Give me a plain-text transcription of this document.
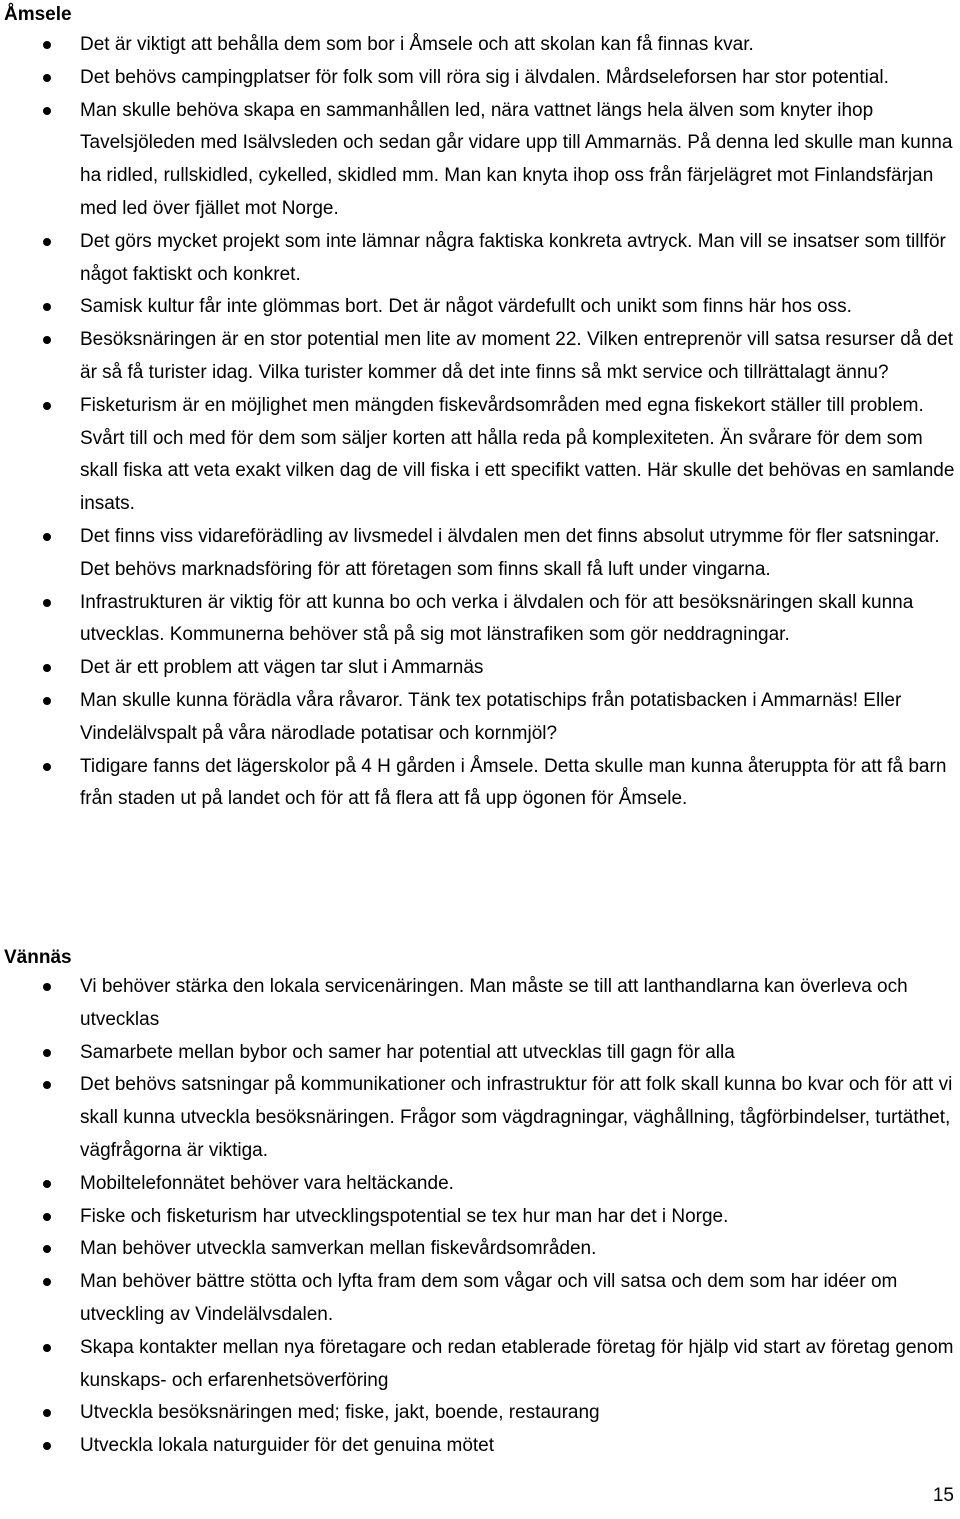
Åmsele
Det är viktigt att behålla dem som bor i Åmsele och att skolan kan få finnas kvar.
Det behövs campingplatser för folk som vill röra sig i älvdalen. Mårdseleforsen har stor potential.
Man skulle behöva skapa en sammanhållen led, nära vattnet längs hela älven som knyter ihop Tavelsjöleden med Isälvsleden och sedan går vidare upp till Ammarnäs. På denna led skulle man kunna ha ridled, rullskidled, cykelled, skidled mm. Man kan knyta ihop oss från färjelägret mot Finlandsfärjan med led över fjället mot Norge.
Det görs mycket projekt som inte lämnar några faktiska konkreta avtryck. Man vill se insatser som tillför något faktiskt och konkret.
Samisk kultur får inte glömmas bort. Det är något värdefullt och unikt som finns här hos oss.
Besöksnäringen är en stor potential men lite av moment 22. Vilken entreprenör vill satsa resurser då det är så få turister idag. Vilka turister kommer då det inte finns så mkt service och tillrättalagt ännu?
Fisketurism är en möjlighet men mängden fiskevårdsområden med egna fiskekort ställer till problem. Svårt till och med för dem som säljer korten att hålla reda på komplexiteten. Än svårare för dem som skall fiska att veta exakt vilken dag de vill fiska i ett specifikt vatten. Här skulle det behövas en samlande insats.
Det finns viss vidareförädling av livsmedel i älvdalen men det finns absolut utrymme för fler satsningar. Det behövs marknadsföring för att företagen som finns skall få luft under vingarna.
Infrastrukturen är viktig för att kunna bo och verka i älvdalen och för att besöksnäringen skall kunna utvecklas. Kommunerna behöver stå på sig mot länstrafiken som gör neddragningar.
Det är ett problem att vägen tar slut i Ammarnäs
Man skulle kunna förädla våra råvaror. Tänk tex potatischips från potatisbacken i Ammarnäs! Eller Vindelälvspalt på våra närodlade potatisar och kornmjöl?
Tidigare fanns det lägerskolor på 4 H gården i Åmsele. Detta skulle man kunna återuppta för att få barn från staden ut på landet och för att få flera att få upp ögonen för Åmsele.
Vännäs
Vi behöver stärka den lokala servicenäringen. Man måste se till att lanthandlarna kan överleva och utvecklas
Samarbete mellan bybor och samer har potential att utvecklas till gagn för alla
Det behövs satsningar på kommunikationer och infrastruktur för att folk skall kunna bo kvar och för att vi skall kunna utveckla besöksnäringen. Frågor som vägdragningar, väghållning, tågförbindelser, turtäthet, vägfrågorna är viktiga.
Mobiltelefonnätet behöver vara heltäckande.
Fiske och fisketurism har utvecklingspotential se tex hur man har det i Norge.
Man behöver utveckla samverkan mellan fiskevårdsområden.
Man behöver bättre stötta och lyfta fram dem som vågar och vill satsa och dem som har idéer om utveckling av Vindelälvsdalen.
Skapa kontakter mellan nya företagare och redan etablerade företag för hjälp vid start av företag genom kunskaps- och erfarenhetsöverföring
Utveckla besöksnäringen med; fiske, jakt, boende, restaurang
Utveckla lokala naturguider för det genuina mötet
15
